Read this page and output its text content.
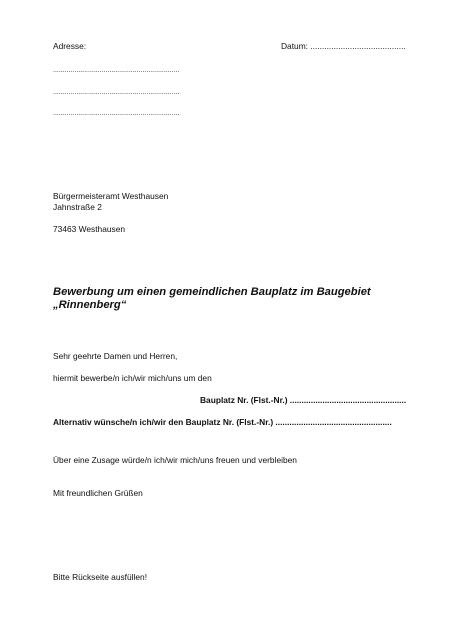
Adresse:	Datum: .........................................
.................................................................
.................................................................
.................................................................
Bürgermeisteramt Westhausen
Jahnstraße 2
73463 Westhausen
Bewerbung um einen gemeindlichen Bauplatz im Baugebiet
„Rinnenberg“
Sehr geehrte Damen und Herren,
hiermit bewerbe/n ich/wir mich/uns um den
Bauplatz Nr. (Flst.-Nr.) ..................................................
Alternativ wünsche/n ich/wir den Bauplatz Nr. (Flst.-Nr.) ..................................................
Über eine Zusage würde/n ich/wir mich/uns freuen und verbleiben
Mit freundlichen Grüßen
Bitte Rückseite ausfüllen!
